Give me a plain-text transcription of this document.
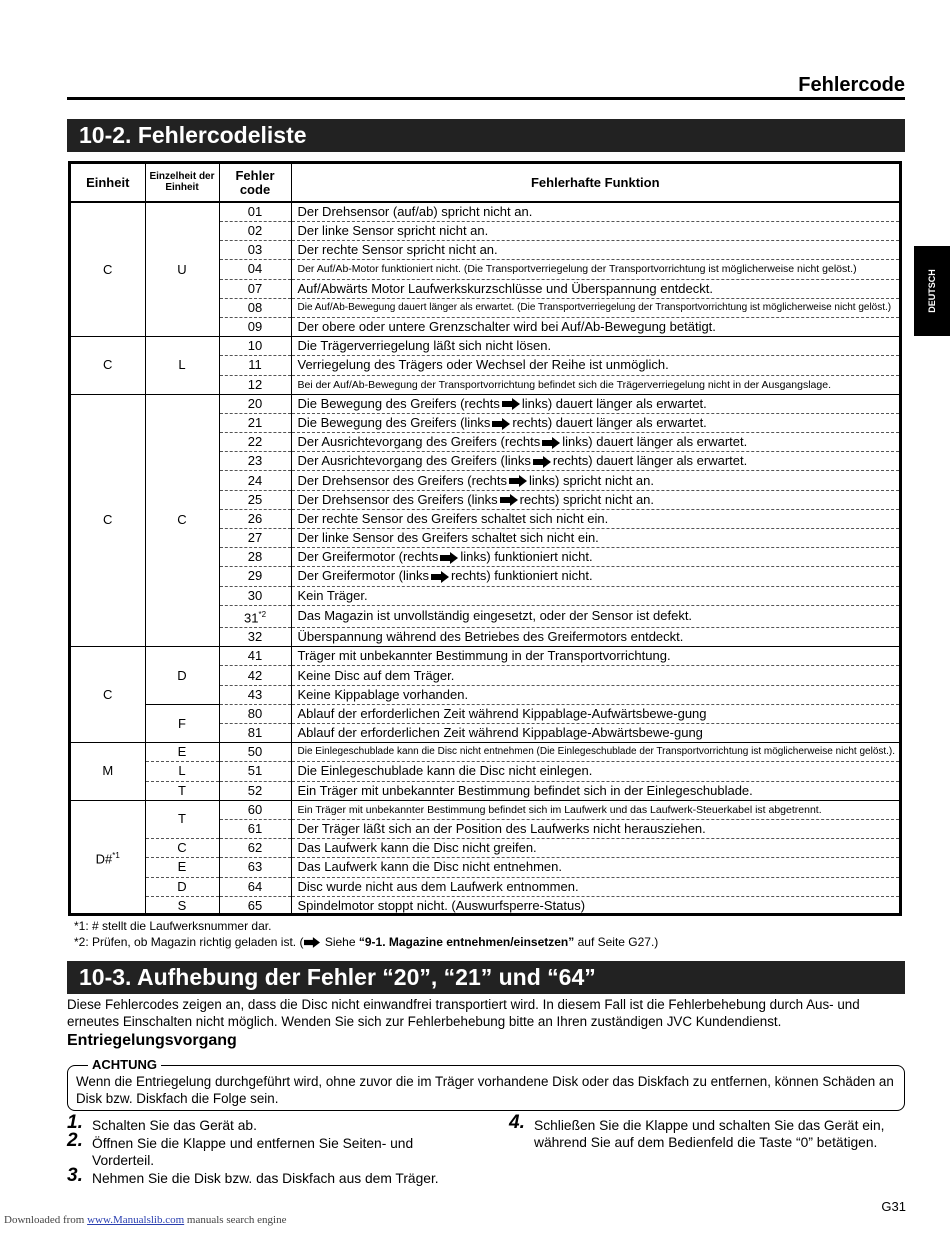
Fehlercode
DEUTSCH
10-2. Fehlercodeliste
Einheit	Einzelheit der Einheit	Fehler code	Fehlerhafte Funktion
C	U	01	Der Drehsensor (auf/ab) spricht nicht an.
		02	Der linke Sensor spricht nicht an.
		03	Der rechte Sensor spricht nicht an.
		04	Der Auf/Ab-Motor funktioniert nicht. (Die Transportverriegelung der Transportvorrichtung ist möglicherweise nicht gelöst.)
		07	Auf/Abwärts Motor Laufwerkskurzschlüsse und Überspannung entdeckt.
		08	Die Auf/Ab-Bewegung dauert länger als erwartet. (Die Transportverriegelung der Transportvorrichtung ist möglicherweise nicht gelöst.)
		09	Der obere oder untere Grenzschalter wird bei Auf/Ab-Bewegung betätigt.
C	L	10	Die Trägerverriegelung läßt sich nicht lösen.
		11	Verriegelung des Trägers oder Wechsel der Reihe ist unmöglich.
		12	Bei der Auf/Ab-Bewegung der Transportvorrichtung befindet sich die Trägerverriegelung nicht in der Ausgangslage.
C	C	20	Die Bewegung des Greifers (rechts links) dauert länger als erwartet.
		21	Die Bewegung des Greifers (links rechts) dauert länger als erwartet.
		22	Der Ausrichtevorgang des Greifers (rechts links) dauert länger als erwartet.
		23	Der Ausrichtevorgang des Greifers (links rechts) dauert länger als erwartet.
		24	Der Drehsensor des Greifers (rechts links) spricht nicht an.
		25	Der Drehsensor des Greifers (links rechts) spricht nicht an.
		26	Der rechte Sensor des Greifers schaltet sich nicht ein.
		27	Der linke Sensor des Greifers schaltet sich nicht ein.
		28	Der Greifermotor (rechts links) funktioniert nicht.
		29	Der Greifermotor (links rechts) funktioniert nicht.
		30	Kein Träger.
		31$^{*2}$	Das Magazin ist unvollständig eingesetzt, oder der Sensor ist defekt.
		32	Überspannung während des Betriebes des Greifermotors entdeckt.
C	D	41	Träger mit unbekannter Bestimmung in der Transportvorrichtung.
		42	Keine Disc auf dem Träger.
		43	Keine Kippablage vorhanden.
	F	80	Ablauf der erforderlichen Zeit während Kippablage-Aufwärtsbewe-gung
		81	Ablauf der erforderlichen Zeit während Kippablage-Abwärtsbewe-gung
M	E	50	Die Einlegeschublade kann die Disc nicht entnehmen (Die Einlegeschublade der Transportvorrichtung ist möglicherweise nicht gelöst.).
	L	51	Die Einlegeschublade kann die Disc nicht einlegen.
	T	52	Ein Träger mit unbekannter Bestimmung befindet sich in der Einlegeschublade.
D#$^{*1}$	T	60	Ein Träger mit unbekannter Bestimmung befindet sich im Laufwerk und das Laufwerk-Steuerkabel ist abgetrennt.
		61	Der Träger läßt sich an der Position des Laufwerks nicht herausziehen.
	C	62	Das Laufwerk kann die Disc nicht greifen.
	E	63	Das Laufwerk kann die Disc nicht entnehmen.
	D	64	Disc wurde nicht aus dem Laufwerk entnommen.
	S	65	Spindelmotor stoppt nicht. (Auswurfsperre-Status)
*1: # stellt die Laufwerksnummer dar.
*2: Prüfen, ob Magazin richtig geladen ist. ( Siehe “9-1. Magazine entnehmen/einsetzen” auf Seite G27.)
10-3. Aufhebung der Fehler “20”, “21” und “64”
Diese Fehlercodes zeigen an, dass die Disc nicht einwandfrei transportiert wird. In diesem Fall ist die Fehlerbehebung durch Aus- und erneutes Einschalten nicht möglich. Wenden Sie sich zur Fehlerbehebung bitte an Ihren zuständigen JVC Kundendienst.
Entriegelungsvorgang
ACHTUNG
Wenn die Entriegelung durchgeführt wird, ohne zuvor die im Träger vorhandene Disk oder das Diskfach zu entfernen, können Schäden an Disk bzw. Diskfach die Folge sein.
1. Schalten Sie das Gerät ab.
2. Öffnen Sie die Klappe und entfernen Sie Seiten- und Vorderteil.
3. Nehmen Sie die Disk bzw. das Diskfach aus dem Träger.
4. Schließen Sie die Klappe und schalten Sie das Gerät ein, während Sie auf dem Bedienfeld die Taste “0” betätigen.
G31
Downloaded from www.Manualslib.com manuals search engine
